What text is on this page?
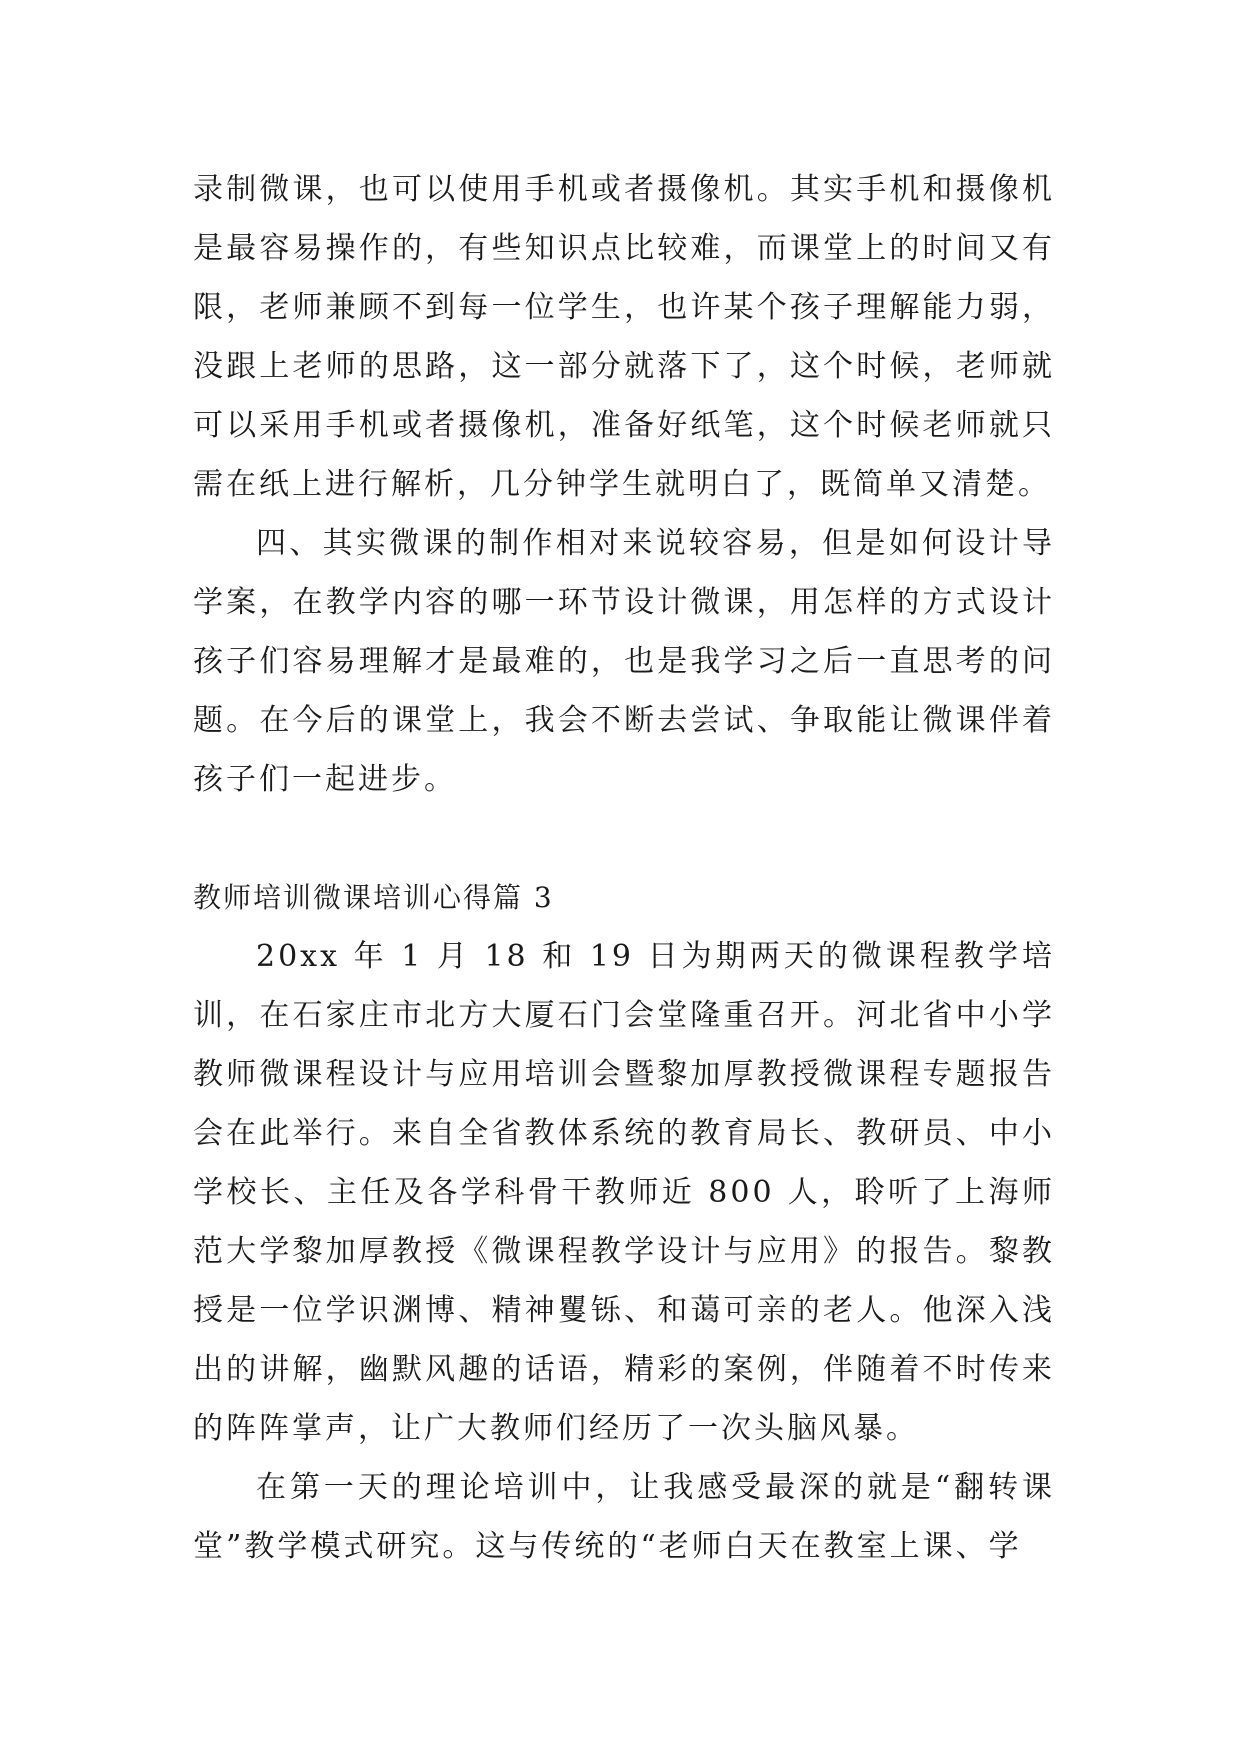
录制微课，也可以使用手机或者摄像机。其实手机和摄像机是最容易操作的，有些知识点比较难，而课堂上的时间又有限，老师兼顾不到每一位学生，也许某个孩子理解能力弱，没跟上老师的思路，这一部分就落下了，这个时候，老师就可以采用手机或者摄像机，准备好纸笔，这个时候老师就只需在纸上进行解析，几分钟学生就明白了，既简单又清楚。

四、其实微课的制作相对来说较容易，但是如何设计导学案，在教学内容的哪一环节设计微课，用怎样的方式设计孩子们容易理解才是最难的，也是我学习之后一直思考的问题。在今后的课堂上，我会不断去尝试、争取能让微课伴着孩子们一起进步。

教师培训微课培训心得篇 3

20xx 年 1 月 18 和 19 日为期两天的微课程教学培训，在石家庄市北方大厦石门会堂隆重召开。河北省中小学教师微课程设计与应用培训会暨黎加厚教授微课程专题报告会在此举行。来自全省教体系统的教育局长、教研员、中小学校长、主任及各学科骨干教师近 800 人，聆听了上海师范大学黎加厚教授《微课程教学设计与应用》的报告。黎教授是一位学识渊博、精神矍铄、和蔼可亲的老人。他深入浅出的讲解，幽默风趣的话语，精彩的案例，伴随着不时传来的阵阵掌声，让广大教师们经历了一次头脑风暴。

在第一天的理论培训中，让我感受最深的就是“翻转课堂”教学模式研究。这与传统的“老师白天在教室上课、学
